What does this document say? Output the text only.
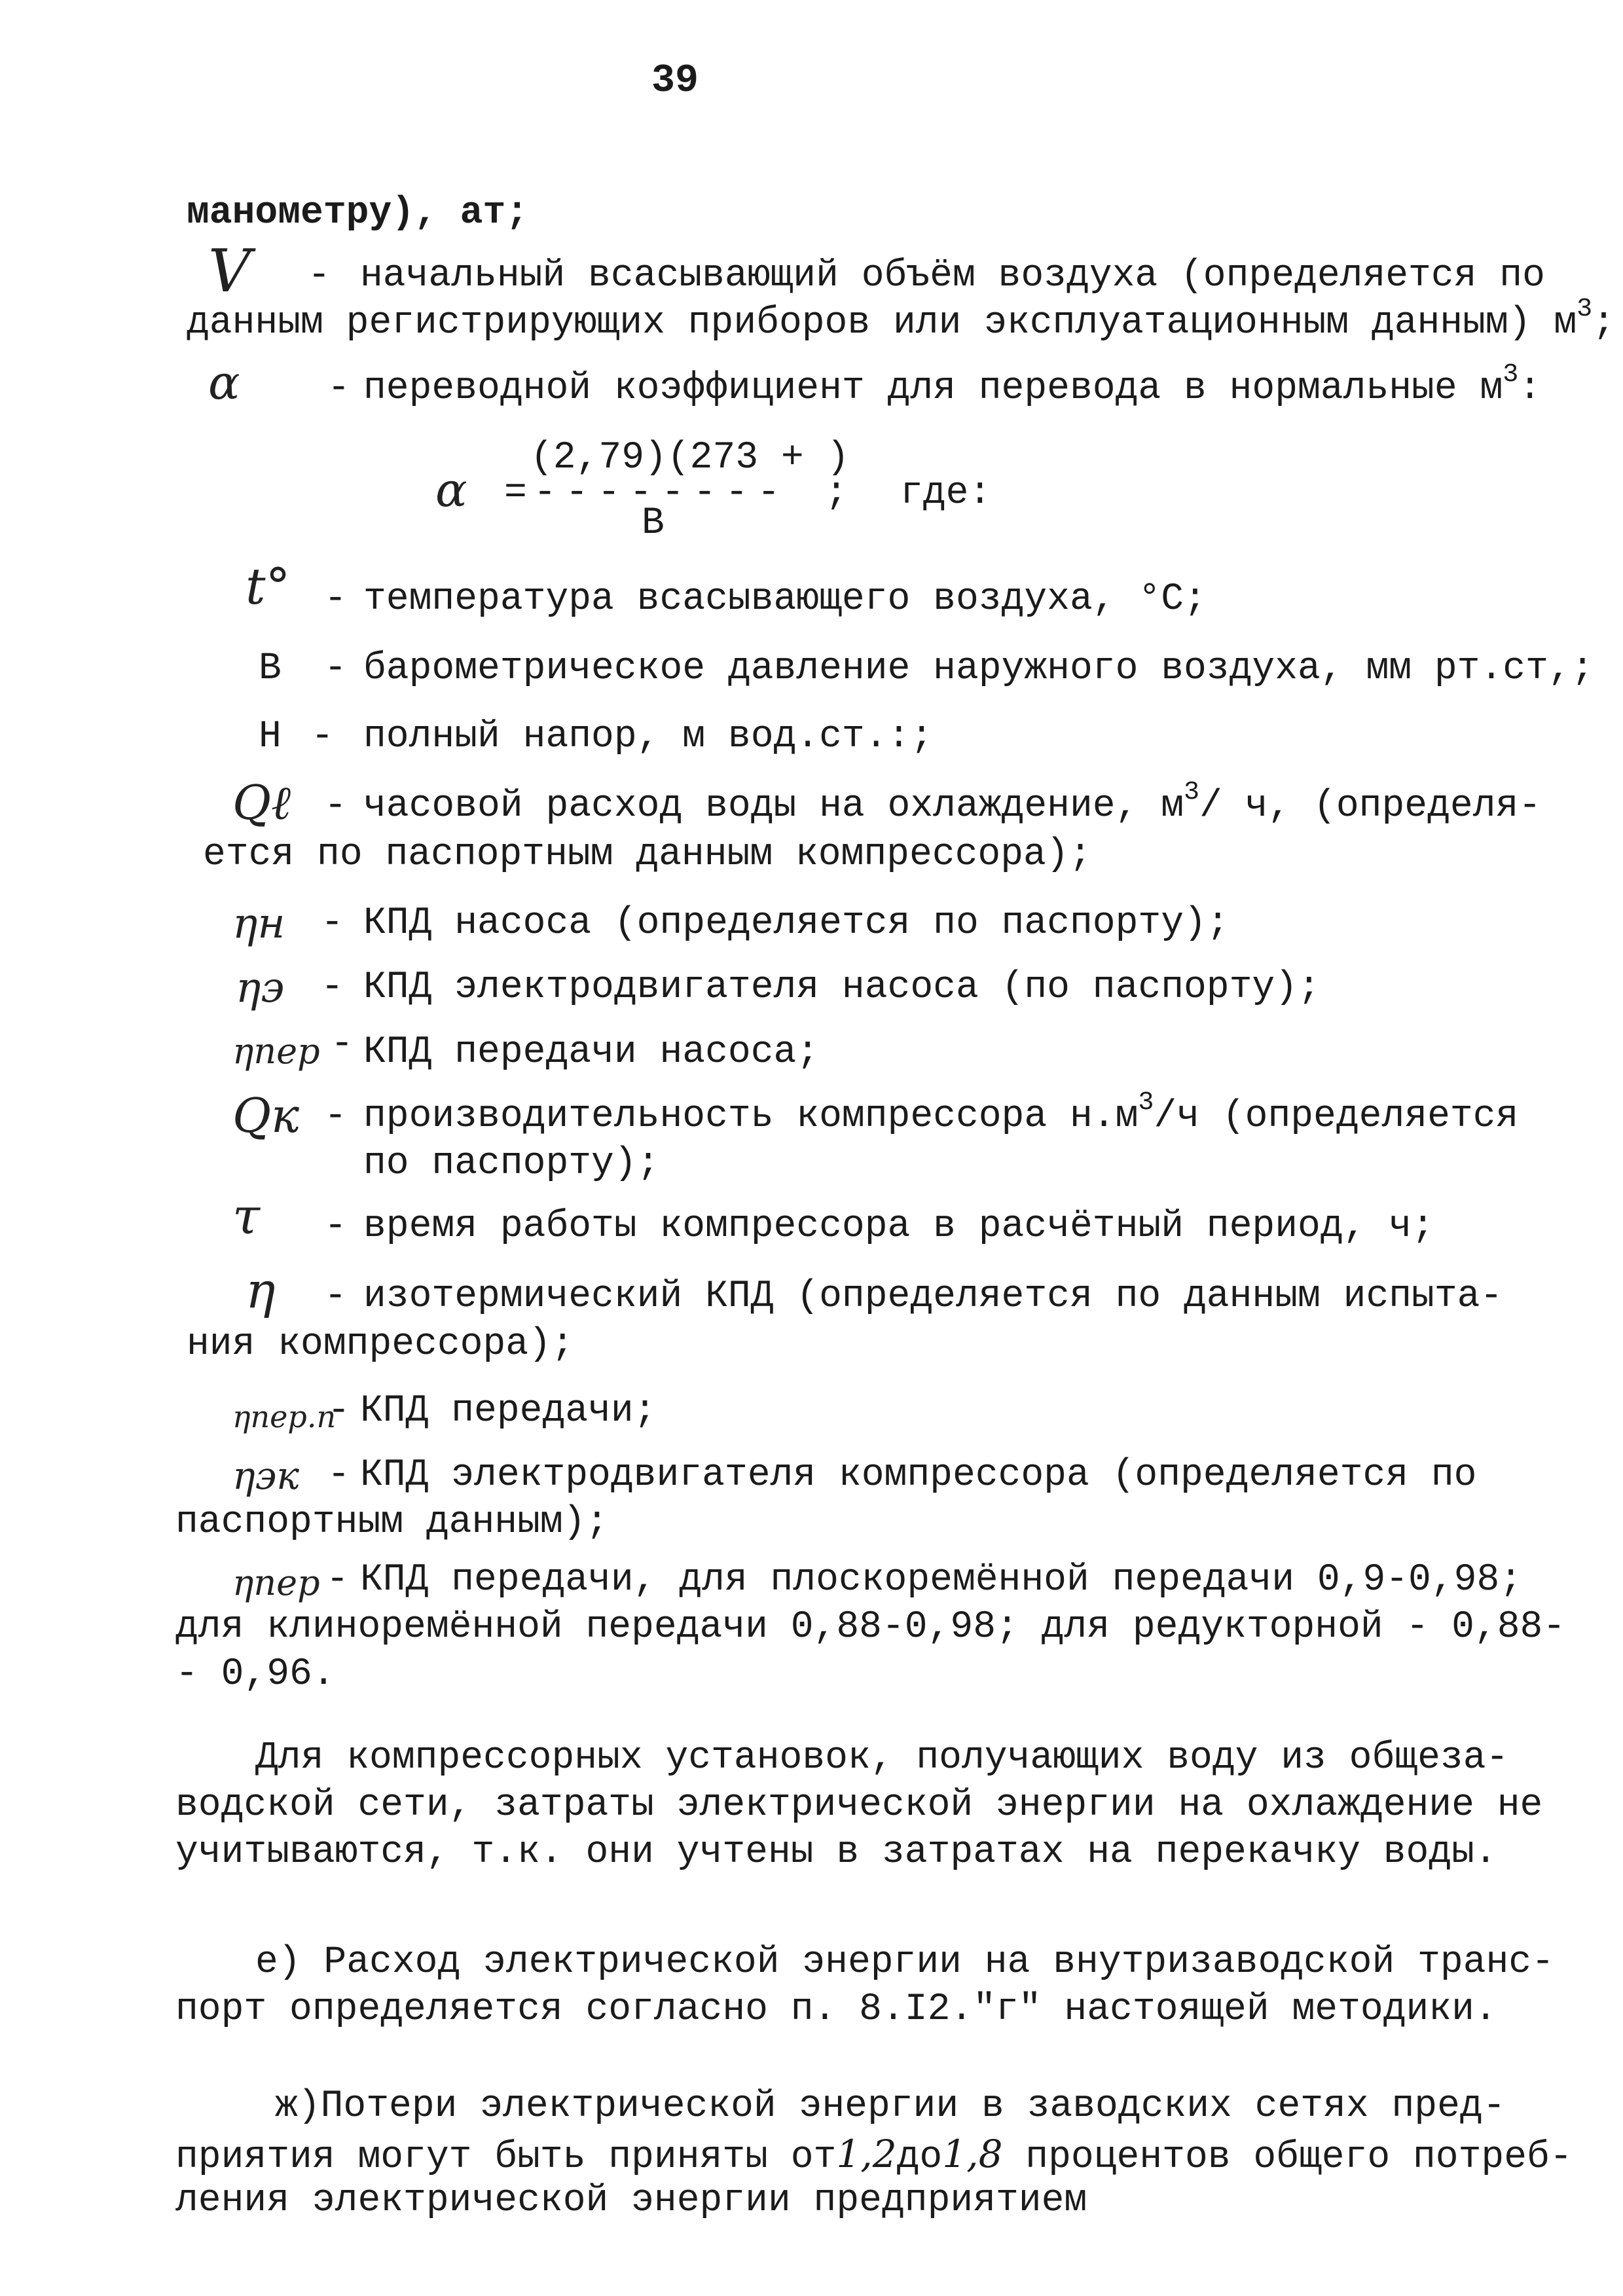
39
манометру), ат;
V - начальный всасывающий объём воздуха (определяется по
данным регистрирующих приборов или эксплуатационным данным) $м^3$;
α - переводной коэффициент для перевода в нормальные $м^3$:
(2,79)(273 + )
α = -------- ; где:
В
t° - температура всасывающего воздуха, °С;
В - барометрическое давление наружного воздуха, мм рт.ст,;
Н - полный напор, м вод.ст.:;
Qℓ - часовой расход воды на охлаждение, $м^3/$ ч, (определя-
ется по паспортным данным компрессора);
ηн - КПД насоса (определяется по паспорту);
ηэ - КПД электродвигателя насоса (по паспорту);
ηпер - КПД передачи насоса;
Qк - производительность компрессора $н.м^3/ч$ (определяется
по паспорту);
τ - время работы компрессора в расчётный период, ч;
η - изотермический КПД (определяется по данным испыта-
ния компрессора);
ηпер.п
- КПД передачи;
ηэк - КПД электродвигателя компрессора (определяется по
паспортным данным);
ηпер - КПД передачи, для плоскоремённой передачи 0,9-0,98;
для клиноремённой передачи 0,88-0,98; для редукторной - 0,88-
- 0,96.
Для компрессорных установок, получающих воду из общеза-
водской сети, затраты электрической энергии на охлаждение не
учитываются, т.к. они учтены в затратах на перекачку воды.
е) Расход электрической энергии на внутризаводской транс-
порт определяется согласно п. 8.I2."г" настоящей методики.
ж)Потери электрической энергии в заводских сетях пред-
приятия могут быть приняты от1,2до1,8 процентов общего потреб-
ления электрической энергии предприятием
